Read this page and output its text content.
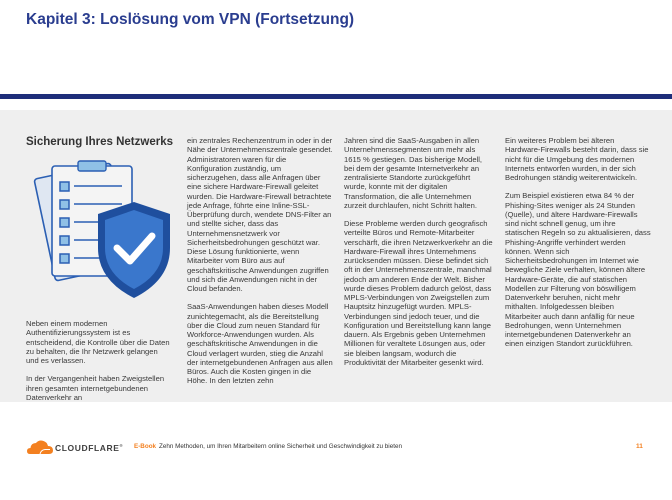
Kapitel 3: Loslösung vom VPN (Fortsetzung)
Sicherung Ihres Netzwerks

Neben einem modernen Authentifizierungssystem ist es entscheidend, die Kontrolle über die Daten zu behalten, die Ihr Netzwerk gelangen und es verlassen.

In der Vergangenheit haben Zweigstellen ihren gesamten internetgebundenen Datenverkehr an

ein zentrales Rechenzentrum in oder in der Nähe der Unternehmenszentrale gesendet. Administratoren waren für die Konfiguration zuständig, um sicherzugehen, dass alle Anfragen über eine sichere Hardware-Firewall geleitet wurden. Die Hardware-Firewall betrachtete jede Anfrage, führte eine Inline-SSL-Überprüfung durch, wendete DNS-Filter an und stellte sicher, dass das Unternehmensnetzwerk vor Sicherheitsbedrohungen geschützt war. Diese Lösung funktionierte, wenn Mitarbeiter vom Büro aus auf geschäftskritische Anwendungen zugriffen und sich die Anwendungen nicht in der Cloud befanden.

SaaS-Anwendungen haben dieses Modell zunichtegemacht, als die Bereitstellung über die Cloud zum neuen Standard für Workforce-Anwendungen wurden. Als geschäftskritische Anwendungen in die Cloud verlagert wurden, stieg die Anzahl der internetgebundenen Anfragen aus allen Büros. Auch die Kosten gingen in die Höhe. In den letzten zehn

Jahren sind die SaaS-Ausgaben in allen Unternehmenssegmenten um mehr als 1615 % gestiegen. Das bisherige Modell, bei dem der gesamte Internetverkehr an zentralisierte Standorte zurückgeführt wurde, konnte mit der digitalen Transformation, die alle Unternehmen zurzeit durchlaufen, nicht Schritt halten.

Diese Probleme werden durch geografisch verteilte Büros und Remote-Mitarbeiter verschärft, die ihren Netzwerkverkehr an die Hardware-Firewall ihres Unternehmens zurücksenden müssen. Diese befindet sich oft in der Unternehmenszentrale, manchmal jedoch am anderen Ende der Welt. Bisher wurde dieses Problem dadurch gelöst, dass MPLS-Verbindungen von Zweigstellen zum Hauptsitz hinzugefügt wurden. MPLS-Verbindungen sind jedoch teuer, und die Konfiguration und Bereitstellung kann lange dauern. Als Ergebnis geben Unternehmen Millionen für veraltete Lösungen aus, oder sie bleiben langsam, wodurch die Produktivität der Mitarbeiter gesenkt wird.

Ein weiteres Problem bei älteren Hardware-Firewalls besteht darin, dass sie nicht für die Umgebung des modernen Internets entworfen wurden, in der sich Bedrohungen ständig weiterentwickeln.

Zum Beispiel existieren etwa 84 % der Phishing-Sites weniger als 24 Stunden (Quelle), und ältere Hardware-Firewalls sind nicht schnell genug, um ihre statischen Regeln so zu aktualisieren, dass Phishing-Angriffe verhindert werden können. Wenn sich Sicherheitsbedrohungen im Internet wie bewegliche Ziele verhalten, können ältere Hardware-Geräte, die auf statischen Modellen zur Filterung von böswilligem Datenverkehr beruhen, nicht mehr mithalten. Infolgedessen bleiben Mitarbeiter auch dann anfällig für neue Bedrohungen, wenn Unternehmen internetgebundenen Datenverkehr an einen einzigen Standort zurückführen.

CLOUDFLARE® E-Book Zehn Methoden, um Ihren Mitarbeitern online Sicherheit und Geschwindigkeit zu bieten	11
